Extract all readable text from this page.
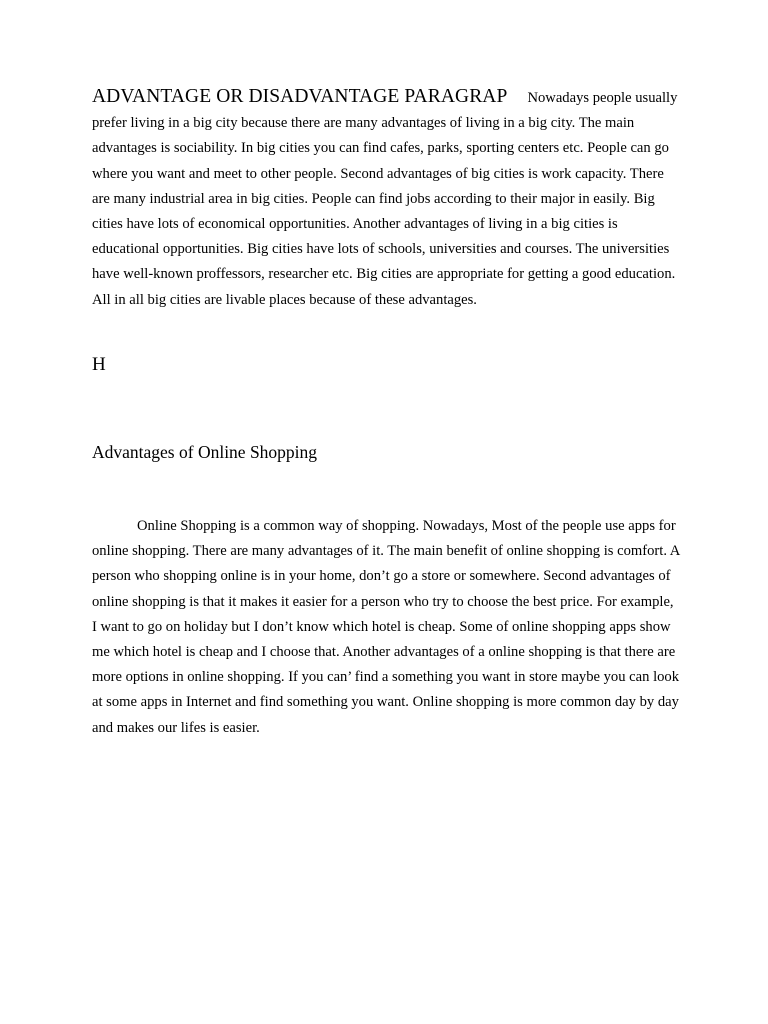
ADVANTAGE OR DISADVANTAGE PARAGRAP Nowadays people usually prefer living in a big city because there are many advantages of living in a big city. The main advantages is sociability. In big cities you can find cafes, parks, sporting centers etc. People can go where you want and meet to other people. Second advantages of big cities is work capacity. There are many industrial area in big cities. People can find jobs according to their major in easily. Big cities have lots of economical opportunities. Another advantages of living in a big cities is educational opportunities. Big cities have lots of schools, universities and courses. The universities have well-known proffessors, researcher etc. Big cities are appropriate for getting a good education. All in all big cities are livable places because of these advantages.

H

Advantages of Online Shopping

Online Shopping is a common way of shopping. Nowadays, Most of the people use apps for online shopping. There are many advantages of it. The main benefit of online shopping is comfort. A person who shopping online is in your home, don’t go a store or somewhere. Second advantages of online shopping is that it makes it easier for a person who try to choose the best price. For example, I want to go on holiday but I don’t know which hotel is cheap. Some of online shopping apps show me which hotel is cheap and I choose that. Another advantages of a online shopping is that there are more options in online shopping. If you can’ find a something you want in store maybe you can look at some apps in Internet and find something you want. Online shopping is more common day by day and makes our lifes is easier.
